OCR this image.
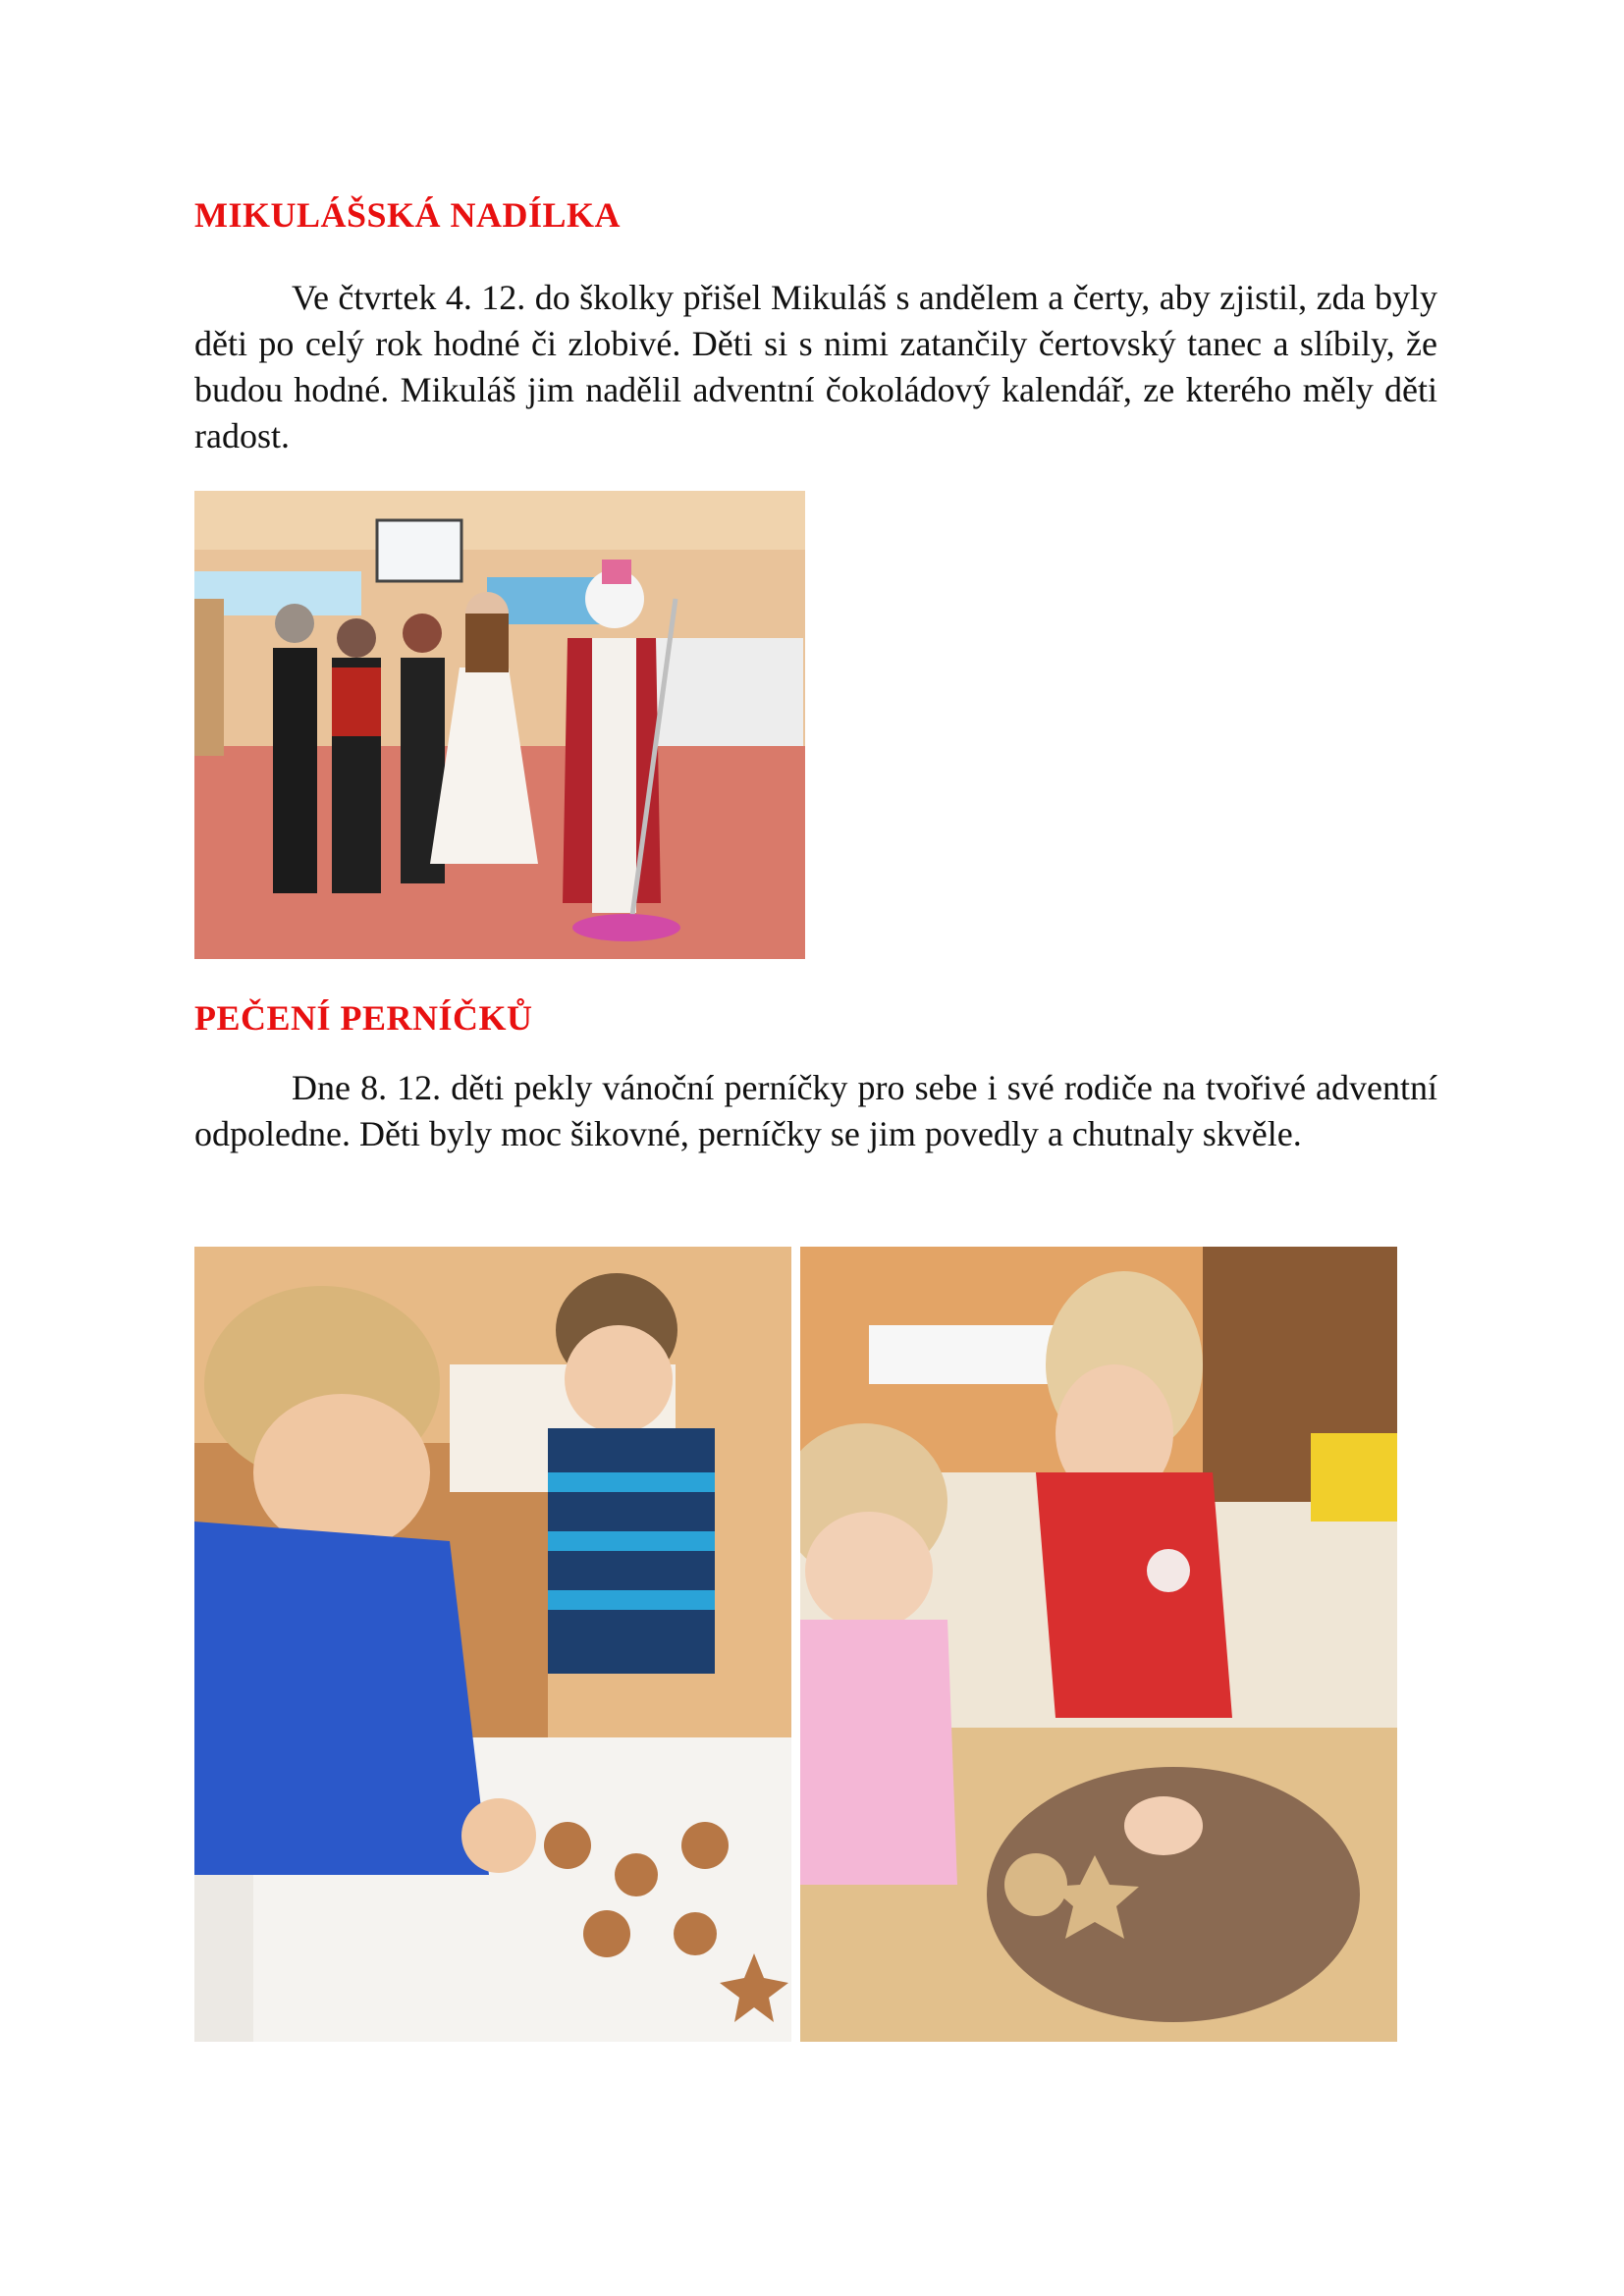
MIKULÁŠSKÁ NADÍLKA

Ve čtvrtek 4. 12. do školky přišel Mikuláš s andělem a čerty, aby zjistil, zda byly děti po celý rok hodné či zlobivé. Děti si s nimi zatančily čertovský tanec a slíbily, že budou hodné. Mikuláš jim nadělil adventní čokoládový kalendář, ze kterého měly děti radost.

PEČENÍ PERNÍČKŮ

Dne 8. 12. děti pekly vánoční perníčky pro sebe i své rodiče na tvořivé adventní odpoledne. Děti byly moc šikovné, perníčky se jim povedly a chutnaly skvěle.
